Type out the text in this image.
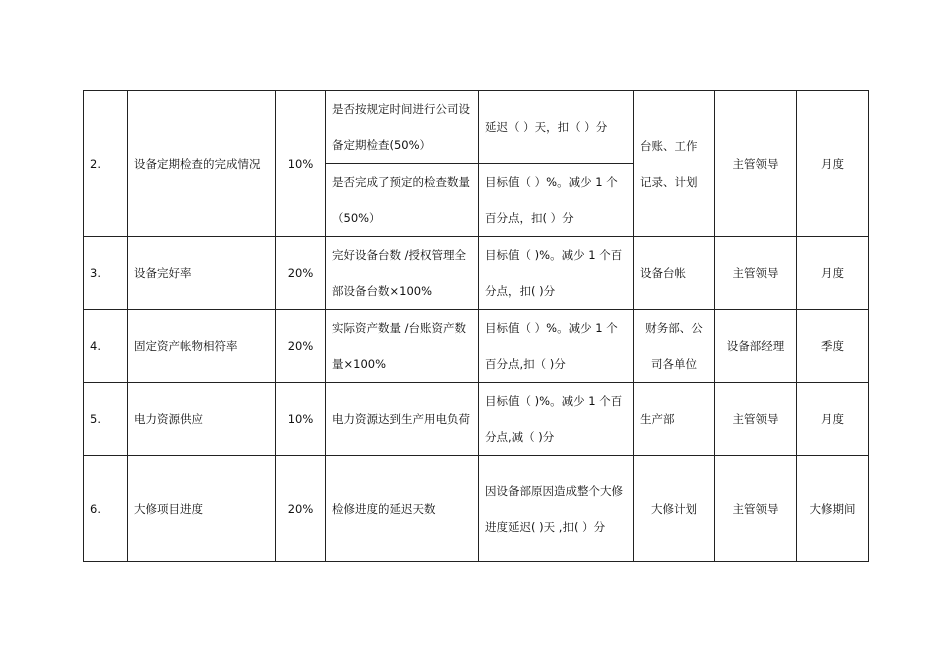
2.	设备定期检查的完成情况	10%	是否按规定时间进行公司设备定期检查(50%）	延迟（ ）天，扣（ ）分	台账、工作记录、计划	主管领导	月度
			是否完成了预定的检查数量（50%）	目标值（ ）%。减少 1 个百分点，扣( ）分			
3.	设备完好率	20%	完好设备台数 /授权管理全部设备台数×100%	目标值（ )%。减少 1 个百分点，扣( )分	设备台帐	主管领导	月度
4.	固定资产帐物相符率	20%	实际资产数量 /台账资产数量×100%	目标值（ ）%。减少 1 个百分点,扣（ )分	财务部、公司各单位	设备部经理	季度
5.	电力资源供应	10%	电力资源达到生产用电负荷	目标值（ )%。减少 1 个百分点,减（ )分	生产部	主管领导	月度
6.	大修项目进度	20%	检修进度的延迟天数	因设备部原因造成整个大修进度延迟( )天 ,扣( ）分	大修计划	主管领导	大修期间
